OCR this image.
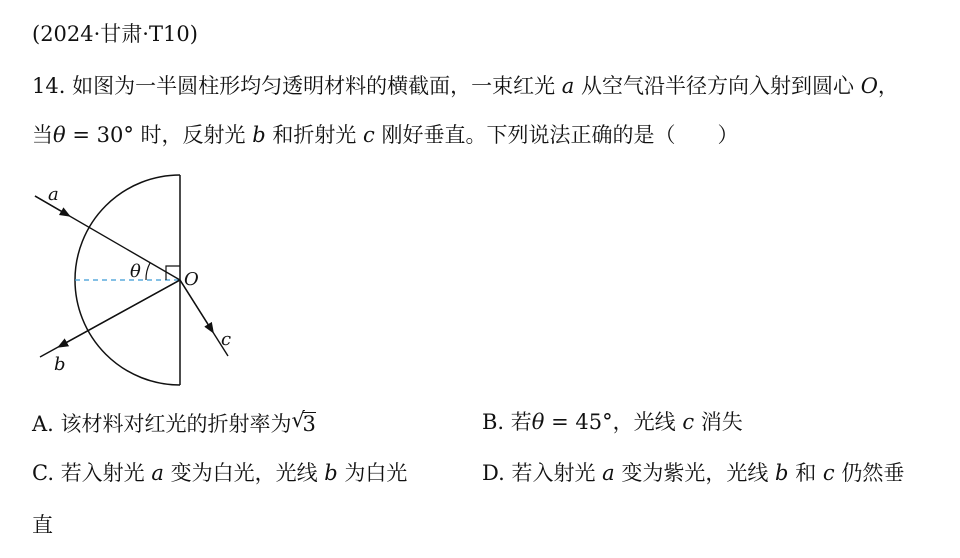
(2024·甘肃·T10)
14. 如图为一半圆柱形均匀透明材料的横截面，一束红光 a 从空气沿半径方向入射到圆心 O，
当θ = 30° 时，反射光 b 和折射光 c 刚好垂直。下列说法正确的是（　　）
a
b
c
O
θ
A. 该材料对红光的折射率为 √
3	B. 若θ = 45°，光线 c 消失
C. 若入射光 a 变为白光，光线 b 为白光	D. 若入射光 a 变为紫光，光线 b 和 c 仍然垂
直
